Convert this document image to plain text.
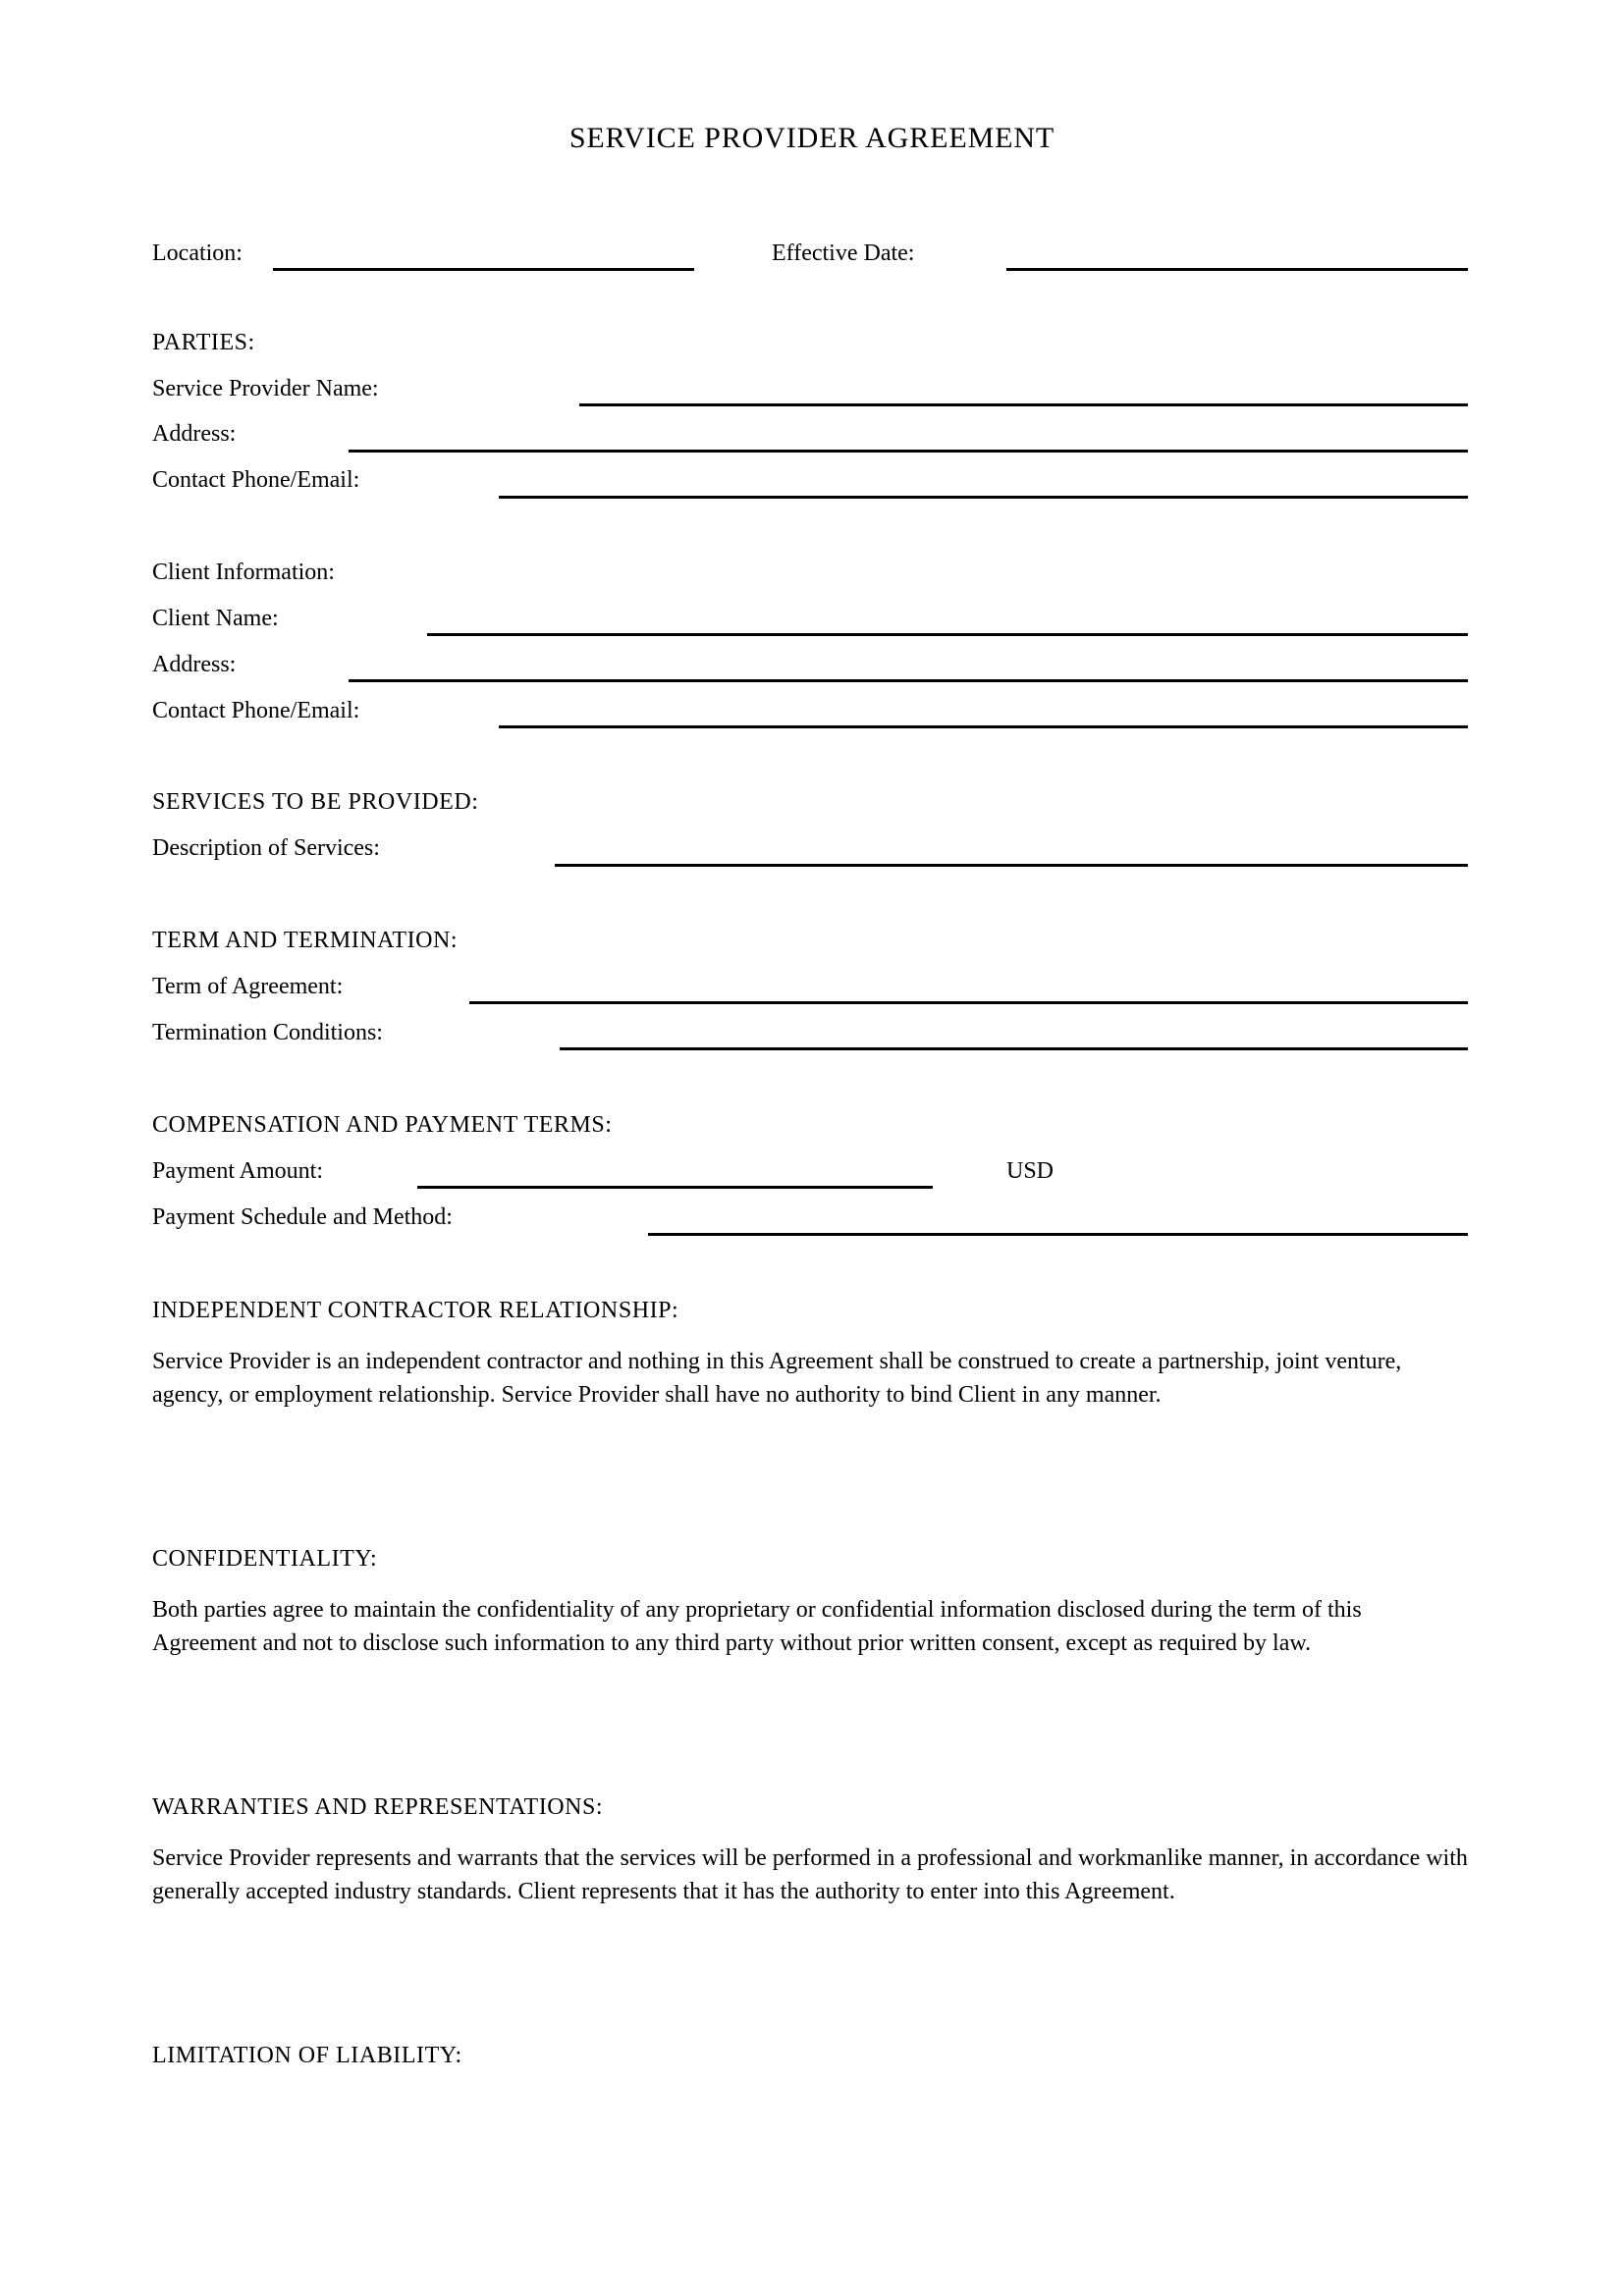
SERVICE PROVIDER AGREEMENT
Location:	Effective Date:
PARTIES:
Service Provider Name:
Address:
Contact Phone/Email:
Client Information:
Client Name:
Address:
Contact Phone/Email:
SERVICES TO BE PROVIDED:
Description of Services:
TERM AND TERMINATION:
Term of Agreement:
Termination Conditions:
COMPENSATION AND PAYMENT TERMS:
Payment Amount:	USD
Payment Schedule and Method:
INDEPENDENT CONTRACTOR RELATIONSHIP:
Service Provider is an independent contractor and nothing in this Agreement shall be construed to create a partnership, joint venture, agency, or employment relationship. Service Provider shall have no authority to bind Client in any manner.
CONFIDENTIALITY:
Both parties agree to maintain the confidentiality of any proprietary or confidential information disclosed during the term of this Agreement and not to disclose such information to any third party without prior written consent, except as required by law.
WARRANTIES AND REPRESENTATIONS:
Service Provider represents and warrants that the services will be performed in a professional and workmanlike manner, in accordance with generally accepted industry standards. Client represents that it has the authority to enter into this Agreement.
LIMITATION OF LIABILITY:
